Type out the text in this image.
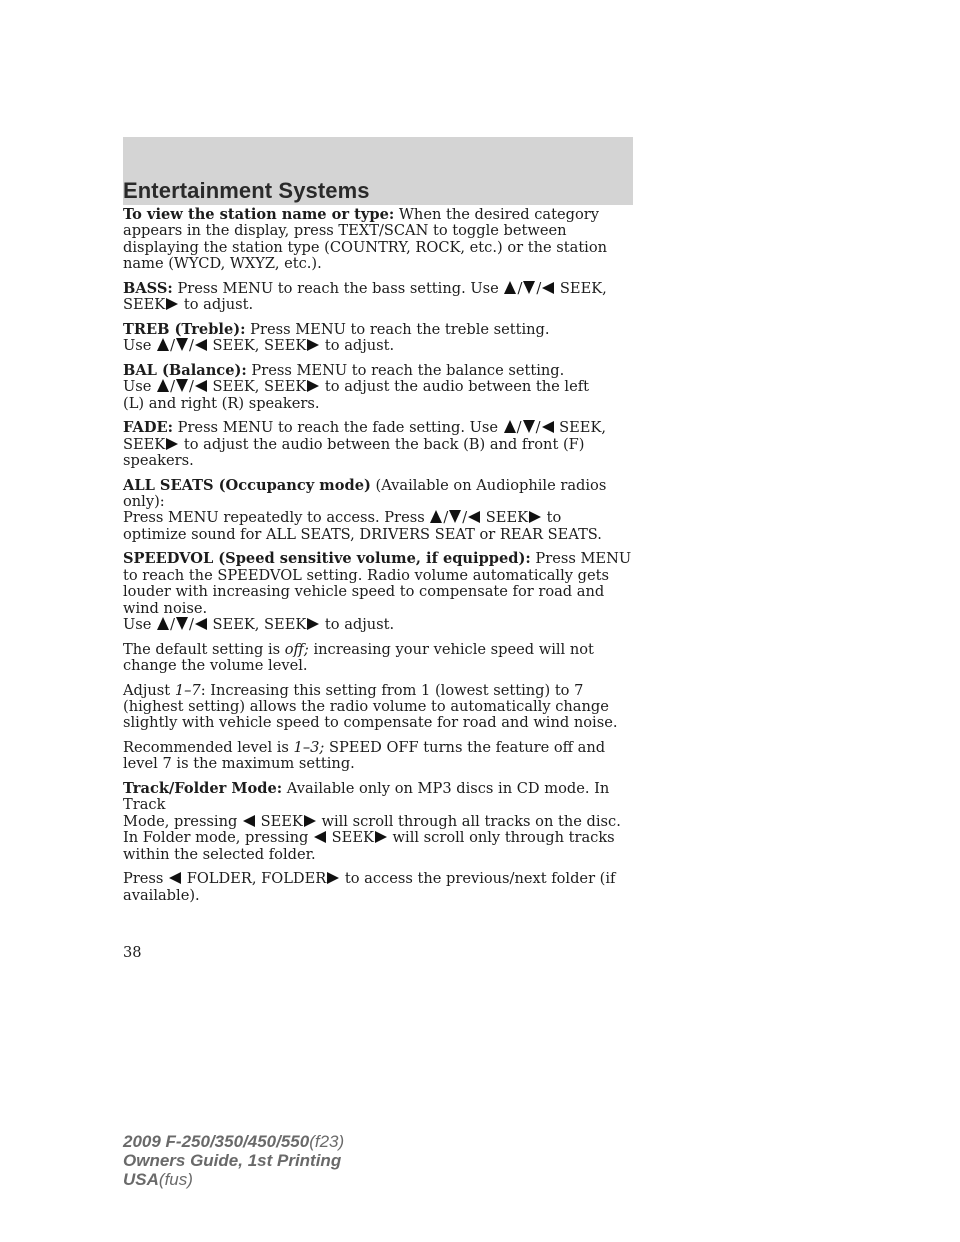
Entertainment Systems

To view the station name or type: When the desired category appears in the display, press TEXT/SCAN to toggle between displaying the station type (COUNTRY, ROCK, etc.) or the station name (WYCD, WXYZ, etc.).

BASS: Press MENU to reach the bass setting. Use / / SEEK,

SEEK to adjust.

TREB (Treble): Press MENU to reach the treble setting.

Use / / SEEK, SEEK to adjust.

BAL (Balance): Press MENU to reach the balance setting.

Use / / SEEK, SEEK to adjust the audio between the left

(L) and right (R) speakers.

FADE: Press MENU to reach the fade setting. Use / / SEEK,

SEEK to adjust the audio between the back (B) and front (F) speakers.

ALL SEATS (Occupancy mode) (Available on Audiophile radios only):

Press MENU repeatedly to access. Press / / SEEK to

optimize sound for ALL SEATS, DRIVERS SEAT or REAR SEATS.

SPEEDVOL (Speed sensitive volume, if equipped): Press MENU to reach the SPEEDVOL setting. Radio volume automatically gets louder with increasing vehicle speed to compensate for road and wind noise.

Use / / SEEK, SEEK to adjust.

The default setting is off; increasing your vehicle speed will not change the volume level.

Adjust 1–7: Increasing this setting from 1 (lowest setting) to 7 (highest setting) allows the radio volume to automatically change slightly with vehicle speed to compensate for road and wind noise.

Recommended level is 1–3; SPEED OFF turns the feature off and level 7 is the maximum setting.

Track/Folder Mode: Available only on MP3 discs in CD mode. In Track

Mode, pressing  SEEK will scroll through all tracks on the disc.

In Folder mode, pressing  SEEK will scroll only through tracks

within the selected folder.

Press  FOLDER, FOLDER to access the previous/next folder (if

available).

38
2009 F-250/350/450/550(f23)
Owners Guide, 1st Printing
USA(fus)
